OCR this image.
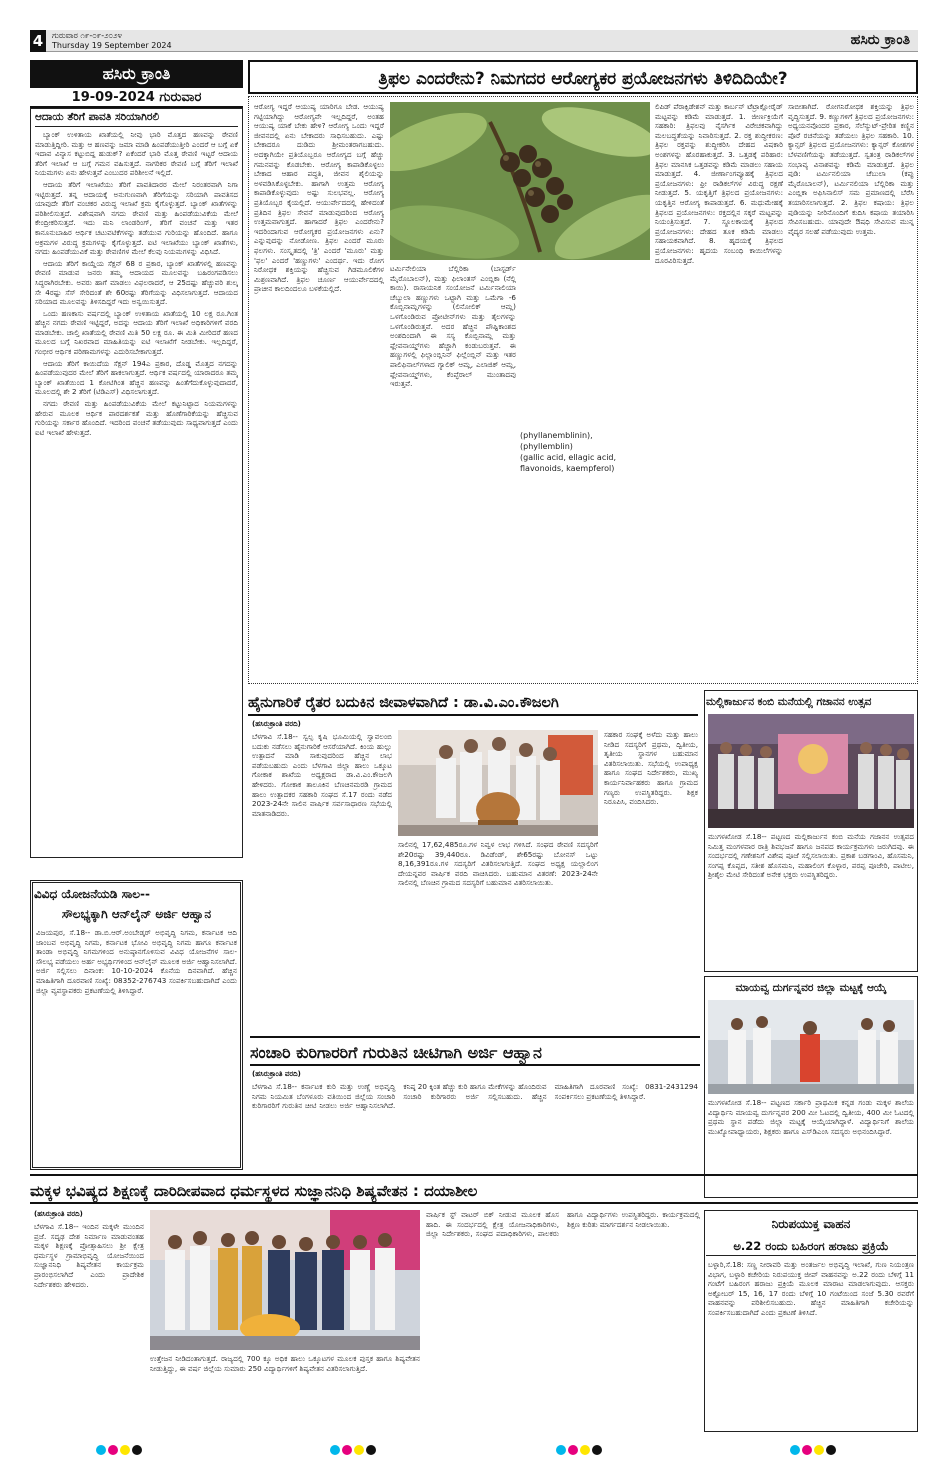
4	ಗುರುವಾರ ೧೯-೦೯-೨೦೨೪
Thursday 19 September 2024	ಹಸಿರು ಕ್ರಾಂತಿ
ಹಸಿರು ಕ್ರಾಂತಿ
19-09-2024 ಗುರುವಾರ
ಆದಾಯ ತೆರಿಗೆ ಪಾವತಿ ಸರಿಯಾಗಿರಲಿ

ಬ್ಯಾಂಕ್ ಉಳಿತಾಯ ಖಾತೆಯಲ್ಲಿ ನೀವು ಭಾರಿ ಮೊತ್ತದ ಹಣವನ್ನು ಠೇವಣಿ ಮಾಡುತ್ತಿದ್ದೀರಿ. ಮತ್ತು ಆ ಹಣವನ್ನು ಜಮಾ ಮಾಡಿ ಹಿಂಪಡೆಯುತ್ತೀರಿ ಎಂದರೆ ಆ ಬಗ್ಗೆ ಏಕೆ ಇದಾವ ವಿನ್ಯಾಸ ಕಟ್ಟುಬಿದ್ದ ಹುಡುಕ್? ಏಕೆಂದರೆ ಭಾರಿ ಮೊತ್ತ ಠೇವಣಿ ಇಟ್ಟರೆ ಆದಾಯ ತೆರಿಗೆ ಇಲಾಖೆ ಆ ಬಗ್ಗೆ ಗಮನ ವಹಿಸುತ್ತದೆ. ನಾಗರಿಕರ ಠೇವಣಿ ಬಗ್ಗೆ ತೆರಿಗೆ ಇಲಾಖೆ ನಿಯಮಗಳು ಏನು ಹೇಳುತ್ತವೆ ಎಂಬುದರ ಪರಿಶೀಲನೆ ಇಲ್ಲಿದೆ.

ಆದಾಯ ತೆರಿಗೆ ಇಲಾಖೆಯು ತೆರಿಗೆ ಪಾವತಿದಾರರ ಮೇಲೆ ನಿರಂತರವಾಗಿ ನಿಗಾ ಇಟ್ಟಿರುತ್ತದೆ. ತನ್ನ ಆದಾಯಕ್ಕೆ ಅನುಗುಣವಾಗಿ ತೆರಿಗೆಯನ್ನು ಸರಿಯಾಗಿ ಪಾವತಿಸದ ಯಾವುದೇ ತೆರಿಗೆ ವಂಚಕರ ವಿರುದ್ಧ ಇಲಾಖೆ ಕ್ರಮ ಕೈಗೊಳ್ಳುತ್ತದೆ. ಬ್ಯಾಂಕ್ ಖಾತೆಗಳನ್ನು ಪರಿಶೀಲಿಸುತ್ತದೆ. ವಿಶೇಷವಾಗಿ ನಗದು ಠೇವಣಿ ಮತ್ತು ಹಿಂಪಡೆಯುವಿಕೆಯ ಮೇಲೆ ಕೇಂದ್ರೀಕರಿಸುತ್ತದೆ. ಇದು ಮನಿ ಲಾಂಡರಿಂಗ್, ತೆರಿಗೆ ವಂಚನೆ ಮತ್ತು ಇತರ ಕಾನೂನುಬಾಹಿರ ಆರ್ಥಿಕ ಚಟುವಟಿಕೆಗಳನ್ನು ತಡೆಯುವ ಗುರಿಯನ್ನು ಹೊಂದಿದೆ. ಹಾಗೂ ಅಕ್ರಮಗಳ ವಿರುದ್ಧ ಕ್ರಮಗಳನ್ನು ಕೈಗೊಳ್ಳುತ್ತದೆ. ಐಟಿ ಇಲಾಖೆಯು ಬ್ಯಾಂಕ್ ಖಾತೆಗಳು, ನಗದು ಹಿಂಪಡೆಯುವಿಕೆ ಮತ್ತು ಠೇವಣಿಗಳ ಮೇಲೆ ಕೆಲವು ನಿಯಮಗಳನ್ನು ವಿಧಿಸಿದೆ.

ಆದಾಯ ತೆರಿಗೆ ಕಾಯ್ದೆಯ ಸೆಕ್ಷನ್ 68 ರ ಪ್ರಕಾರ, ಬ್ಯಾಂಕ್ ಖಾತೆಗಳಲ್ಲಿ ಹಣವನ್ನು ಠೇವಣಿ ಮಾಡುವ ಜನರು ತಮ್ಮ ಆದಾಯದ ಮೂಲವನ್ನು ಬಹಿರಂಗಪಡಿಸಲು ಸಿದ್ಧರಾಗಿರಬೇಕು. ಅವರು ಹಾಗೆ ಮಾಡಲು ವಿಫಲರಾದರೆ, ಆ 25ದಷ್ಟು ಹೆಚ್ಚುವರಿ ಶುಲ್ಕ ಸೇ 4ರಷ್ಟು ಸೆಸ್ ಸೇರಿದಂತೆ ಶೇ 60ರಷ್ಟು ತೆರಿಗೆಯನ್ನು ವಿಧಿಸಲಾಗುತ್ತದೆ. ಆದಾಯದ ಸರಿಯಾದ ಮೂಲವನ್ನು ತಿಳಿಸದಿದ್ದರೆ ಇದು ಅನ್ವಯಿಸುತ್ತದೆ.

ಒಂದು ಹಣಕಾಸು ವರ್ಷದಲ್ಲಿ ಬ್ಯಾಂಕ್ ಉಳಿತಾಯ ಖಾತೆಯಲ್ಲಿ 10 ಲಕ್ಷ ರೂ.ಗಿಂತ ಹೆಚ್ಚಿನ ನಗದು ಠೇವಣಿ ಇಟ್ಟಿದ್ದರೆ, ಅದನ್ನು ಆದಾಯ ತೆರಿಗೆ ಇಲಾಖೆ ಅಧಿಕಾರಿಗಳಿಗೆ ವರದಿ ಮಾಡಬೇಕು. ಚಾಲ್ತಿ ಖಾತೆಯಲ್ಲಿ ಠೇವಣಿ ಮಿತಿ 50 ಲಕ್ಷ ರೂ. ಈ ಮಿತಿ ಮೀರಿದರೆ ಹಣದ ಮೂಲದ ಬಗ್ಗೆ ನಿಖರವಾದ ಮಾಹಿತಿಯನ್ನು ಐಟಿ ಇಲಾಖೆಗೆ ನೀಡಬೇಕು. ಇಲ್ಲದಿದ್ದರೆ, ಗಂಭೀರ ಆರ್ಥಿಕ ಪರಿಣಾಮಗಳನ್ನು ಎದುರಿಸಬೇಕಾಗುತ್ತದೆ.

ಆದಾಯ ತೆರಿಗೆ ಕಾಯಿದೆಯ ಸೆಕ್ಷನ್ 194ಎ ಪ್ರಕಾರ, ದೊಡ್ಡ ಮೊತ್ತದ ನಗದನ್ನು ಹಿಂಪಡೆಯುವುದರ ಮೇಲೆ ತೆರಿಗೆ ಹಾಕಲಾಗುತ್ತದೆ. ಆರ್ಥಿಕ ವರ್ಷದಲ್ಲಿ ಯಾರಾದರೂ ತಮ್ಮ ಬ್ಯಾಂಕ್ ಖಾತೆಯಿಂದ 1 ಕೋಟಿಗಿಂತ ಹೆಚ್ಚಿನ ಹಣವನ್ನು ಹಿಂತೆಗೆದುಕೊಳ್ಳುವುದಾದರೆ, ಮೂಲದಲ್ಲಿ ಶೇ 2 ತೆರಿಗೆ (ಟಿಡಿಎಸ್) ವಿಧಿಸಲಾಗುತ್ತದೆ.

ನಗದು ಠೇವಣಿ ಮತ್ತು ಹಿಂಪಡೆಯುವಿಕೆಯ ಮೇಲೆ ಕಟ್ಟುನಿಟ್ಟಾದ ನಿಯಮಗಳನ್ನು ಹೇರುವ ಮೂಲಕ ಆರ್ಥಿಕ ಪಾರದರ್ಶಕತೆ ಮತ್ತು ಹೊಣೆಗಾರಿಕೆಯನ್ನು ಹೆಚ್ಚಿಸುವ ಗುರಿಯನ್ನು ಸರ್ಕಾರ ಹೊಂದಿದೆ. ಇದರಿಂದ ವಂಚನೆ ತಡೆಯುವುದು ಸಾಧ್ಯವಾಗುತ್ತದೆ ಎಂದು ಐಟಿ ಇಲಾಖೆ ಹೇಳುತ್ತದೆ.

ತ್ರಿಫಲ ಎಂದರೇನು? ನಿಮಗದರ ಆರೋಗ್ಯಕರ ಪ್ರಯೋಜನಗಳು ತಿಳಿದಿದಿಯೇ?
ಆರೋಗ್ಯ ಇದ್ದರೆ ಆಯುಷ್ಯ ಯಾರಿಗೂ ಬೇಡ. ಆಯುಷ್ಯ ಗಟ್ಟಿಯಾಗಿದ್ದು ಆರೋಗ್ಯವೇ ಇಲ್ಲದಿದ್ದರೆ, ಅಂತಹ ಆಯುಷ್ಯ ಯಾಕೆ ಬೇಕು ಹೇಳಿ? ಆರೋಗ್ಯ ಒಂದು ಇದ್ದರೆ ಜೀವನದಲ್ಲಿ ಏನು ಬೇಕಾದರು ಸಾಧಿಸಬಹುದು. ಎಷ್ಟು ಬೇಕಾದರೂ ದುಡಿದು ಶ್ರೀಮಂತರಾಗಬಹುದು. ಅದಕ್ಕಾಗಿಯೇ ಪ್ರತಿಯೊಬ್ಬರೂ ಆರೋಗ್ಯದ ಬಗ್ಗೆ ಹೆಚ್ಚು ಗಮನವನ್ನು ಕೊಡಬೇಕು. ಆರೋಗ್ಯ ಕಾಪಾಡಿಕೊಳ್ಳಲು ಬೇಕಾದ ಆಹಾರ ಪದ್ಧತಿ, ಜೀವನ ಶೈಲಿಯನ್ನು ಅಳವಡಿಸಿಕೊಳ್ಳಬೇಕು. ಹಾಗಾಗಿ ಉತ್ತಮ ಆರೋಗ್ಯ ಕಾಪಾಡಿಕೊಳ್ಳುವುದು ಅಷ್ಟು ಸುಲಭವಲ್ಲ. ಆರೋಗ್ಯ ಪ್ರತಿಯೊಬ್ಬರ ಕೈಯಲ್ಲಿದೆ. ಆಯುರ್ವೇದದಲ್ಲಿ ಹೇಳಿದಂತೆ ಪ್ರತಿದಿನ ತ್ರಿಫಲ ಸೇವನೆ ಮಾಡುವುದರಿಂದ ಆರೋಗ್ಯ ಉತ್ತಮವಾಗುತ್ತದೆ. ಹಾಗಾದರೆ ತ್ರಿಫಲ ಎಂದರೇನು? ಇದರಿಂದಾಗುವ ಆರೋಗ್ಯಕರ ಪ್ರಯೋಜನಗಳು ಏನು? ಎನ್ನುವುದನ್ನು ನೋಡೋಣ. ತ್ರಿಫಲ ಎಂದರೆ ಮೂರು ಫಲಗಳು. ಸಂಸ್ಕೃತದಲ್ಲಿ 'ತ್ರಿ' ಎಂದರೆ 'ಮೂರು' ಮತ್ತು 'ಫಲ' ಎಂದರೆ 'ಹಣ್ಣುಗಳು' ಎಂದರ್ಥ. ಇದು ರೋಗ ನಿರೋಧಕ ಶಕ್ತಿಯನ್ನು ಹೆಚ್ಚಿಸುವ ಗಿಡಮೂಲಿಕೆಗಳ ಮಿಶ್ರಣವಾಗಿದೆ. ತ್ರಿಫಲ ಚೂರ್ಣ ಆಯುರ್ವೇದದಲ್ಲಿ ಪ್ರಾಚೀನ ಕಾಲದಿಂದಲೂ ಬಳಕೆಯಲ್ಲಿದೆ.
ಟರ್ಮಿನೇಲಿಯಾ ಬೆಲ್ಲಿರಿಕಾ (ಬಾಸ್ಟರ್ಡ್ ಮೈರೊಬಾಲನ್), ಮತ್ತು ಫಿಲಾಂತಸ್ ಎಂಬ್ಲಿಕಾ (ನೆಲ್ಲಿ ಕಾಯಿ). ರಾಸಾಯನಿಕ ಸಂಯೋಜನೆ ಟರ್ಮಿನಾಲಿಯಾ ಚೆಬ್ಯುಲಾ ಹಣ್ಣುಗಳು ಒಟ್ಟಾಗಿ ಮತ್ತು ಒಮೆಗಾ -6 ಕೊಬ್ಬಿನಾಮ್ಲಗಳನ್ನು (ಲಿನೋಲಿಕ್ ಆಮ್ಲ) ಒಳಗೊಂಡಿರುವ ಪ್ರೋಟೀನ್‌ಗಳು ಮತ್ತು ತೈಲಗಳನ್ನು ಒಳಗೊಂಡಿರುತ್ತವೆ. ಅದರ ಹೆಚ್ಚಿನ ಪೌಷ್ಟಿಕಾಂಶದ ಅಂಶದಿಂದಾಗಿ ಈ ಸಸ್ಯ ಕೊಬ್ಬಿನಾಮ್ಲ ಮತ್ತು ಫ್ಲೇವನಾಯ್ಡ್‌ಗಳು ಹೆಚ್ಚಾಗಿ ಕಂಡುಬರುತ್ತವೆ. ಈ ಹಣ್ಣುಗಳಲ್ಲಿ ಫಿಲ್ಲಾಂಬ್ಲಿನಿನ್ ಫಿಲ್ಲೆಂಬ್ಲಿನ್ ಮತ್ತು ಇತರ ಪಾಲಿಫಿನಾಲ್‌ಗಳಾದ ಗ್ಯಾಲಿಕ್ ಆಮ್ಲ, ಎಲಾಜಿಕ್ ಆಮ್ಲ, ಫ್ಲೇವನಾಯ್ಡ್‌ಗಳು, ಕೆಂಪ್ಫೆರಾಲ್ ಮುಂತಾದವು ಇರುತ್ತವೆ.
(phyllanemblinin),
(phyllemblin)
(gallic acid, ellagic acid,
flavonoids, kaempferol)
ಲಿಪಿಡ್ ಪೆರಾಕ್ಸಿಡೇಶನ್ ಮತ್ತು ಕಾರ್ಬನ್ ಟೆಟ್ರಾಕ್ಲೋರೈಡ್ ಮಟ್ಟವನ್ನು ಕಡಿಮೆ ಮಾಡುತ್ತದೆ. 1. ಜೀರ್ಣಕ್ರಿಯೆಗೆ ಸಹಕಾರಿ: ತ್ರಿಫಲವು ನೈಸರ್ಗಿಕ ವಿರೇಚಕವಾಗಿದ್ದು ಮಲಬದ್ಧತೆಯನ್ನು ನಿವಾರಿಸುತ್ತದೆ. 2. ರಕ್ತ ಶುದ್ಧೀಕರಣ: ತ್ರಿಫಲ ರಕ್ತವನ್ನು ಶುದ್ಧೀಕರಿಸಿ ದೇಹದ ವಿಷಕಾರಿ ಅಂಶಗಳನ್ನು ಹೊರಹಾಕುತ್ತದೆ. 3. ಒತ್ತಡಕ್ಕೆ ಪರಿಹಾರ: ತ್ರಿಫಲ ಮಾನಸಿಕ ಒತ್ತಡವನ್ನು ಕಡಿಮೆ ಮಾಡಲು ಸಹಾಯ ಮಾಡುತ್ತದೆ. 4. ಜೀರ್ಣಾಂಗವ್ಯೂಹಕ್ಕೆ ತ್ರಿಫಲದ ಪ್ರಯೋಜನಗಳು: ಫ್ರೀ ರಾಡಿಕಲ್‌ಗಳ ವಿರುದ್ಧ ರಕ್ಷಣೆ ನೀಡುತ್ತದೆ. 5. ಯಕೃತ್ತಿಗೆ ತ್ರಿಫಲದ ಪ್ರಯೋಜನಗಳು: ಯಕೃತ್ತಿನ ಆರೋಗ್ಯ ಕಾಪಾಡುತ್ತದೆ. 6. ಮಧುಮೇಹಕ್ಕೆ ತ್ರಿಫಲದ ಪ್ರಯೋಜನಗಳು: ರಕ್ತದಲ್ಲಿನ ಸಕ್ಕರೆ ಮಟ್ಟವನ್ನು ನಿಯಂತ್ರಿಸುತ್ತದೆ. 7. ಸ್ಥೂಲಕಾಯಕ್ಕೆ ತ್ರಿಫಲದ ಪ್ರಯೋಜನಗಳು: ದೇಹದ ತೂಕ ಕಡಿಮೆ ಮಾಡಲು ಸಹಾಯಕವಾಗಿದೆ. 8. ಹೃದಯಕ್ಕೆ ತ್ರಿಫಲದ ಪ್ರಯೋಜನಗಳು: ಹೃದಯ ಸಂಬಂಧಿ ಕಾಯಿಲೆಗಳನ್ನು ದೂರವಿರಿಸುತ್ತದೆ.
ಸಾಬೀತಾಗಿದೆ. ರೋಗನಿರೋಧಕ ಶಕ್ತಿಯನ್ನು ತ್ರಿಫಲ ವೃದ್ಧಿಸುತ್ತದೆ. 9. ಕಣ್ಣುಗಳಿಗೆ ತ್ರಿಫಲದ ಪ್ರಯೋಜನಗಳು: ಅಧ್ಯಯನವೊಂದರ ಪ್ರಕಾರ, ಸೆಲೆನ್ಯುಟ್-ಪ್ರೇರಿತ ಕಣ್ಣಿನ ಪೊರೆ ರಚನೆಯನ್ನು ತಡೆಯಲು ತ್ರಿಫಲ ಸಹಕಾರಿ. 10. ಕ್ಯಾನ್ಸರ್ ತ್ರಿಫಲದ ಪ್ರಯೋಜನಗಳು: ಕ್ಯಾನ್ಸರ್ ಕೋಶಗಳ ಬೆಳವಣಿಗೆಯನ್ನು ತಡೆಯುತ್ತದೆ. ಸ್ವತಂತ್ರ ರಾಡಿಕಲ್‌ಗಳ ಸಂಭಾವ್ಯ ವಿನಾಶವನ್ನು ಕಡಿಮೆ ಮಾಡುತ್ತದೆ. ತ್ರಿಫಲ ಪುಡಿ: ಟರ್ಮಿನಲಿಯಾ ಚೆಬುಲಾ (ಕಪ್ಪು ಮೈರೊಬಾಲನ್), ಟರ್ಮಿನಲಿಯಾ ಬೆಲ್ಲಿರಿಕಾ ಮತ್ತು ಎಂಬ್ಲಿಕಾ ಅಫಿಸಿನಾಲಿಸ್ ಸಮ ಪ್ರಮಾಣದಲ್ಲಿ ಬೆರೆಸಿ ತಯಾರಿಸಲಾಗುತ್ತದೆ. 2. ತ್ರಿಫಲ ಕಷಾಯ: ತ್ರಿಫಲ ಪುಡಿಯನ್ನು ನೀರಿನೊಂದಿಗೆ ಕುದಿಸಿ ಕಷಾಯ ತಯಾರಿಸಿ ಸೇವಿಸಬಹುದು. ಯಾವುದೇ ಔಷಧಿ ಸೇವಿಸುವ ಮುನ್ನ ವೈದ್ಯರ ಸಲಹೆ ಪಡೆಯುವುದು ಉತ್ತಮ.
ಹೈನುಗಾರಿಕೆ ರೈತರ ಬದುಕಿನ ಜೀವಾಳವಾಗಿದೆ : ಡಾ.ವಿ.ಎಂ.ಕೌಜಲಗಿ
(ಹಸಿರುಕ್ರಾಂತಿ ವರದಿ)
ಬೆಳಗಾವಿ ಸೆ.18-- ಸ್ವಲ್ಪ ಕೃಷಿ ಭೂಮಿಯಲ್ಲಿ ಸ್ವಾವಲಂಬಿ ಬದುಕು ನಡೆಸಲು ಹೈನುಗಾರಿಕೆ ಆಸರೆಯಾಗಿದೆ. ಕಿಂಯ ಹುಲ್ಲು ಉತ್ಪಾದನೆ ಮಾಡಿ ಸಾಕುವುದರಿಂದ ಹೆಚ್ಚಿನ ಲಾಭ ಪಡೆಯಬಹುದು ಎಂದು ಬೆಳಗಾವಿ ಜಿಲ್ಲಾ ಹಾಲು ಒಕ್ಕೂಟ ಗೋಕಾಕ ಶಾಖೆಯ ಅಧ್ಯಕ್ಷರಾದ ಡಾ.ವಿ.ಎಂ.ಕೌಜಲಗಿ ಹೇಳಿದರು. ಗೋಕಾಕ ತಾಲೂಕಿನ ಬೆಣಚಿನಮರಡಿ ಗ್ರಾಮದ ಹಾಲು ಉತ್ಪಾದಕರ ಸಹಕಾರಿ ಸಂಘದ ಸೆ.17 ರಂದು ನಡೆದ 2023-24ನೇ ಸಾಲಿನ ವಾರ್ಷಿಕ ಸರ್ವಸಾಧಾರಣ ಸಭೆಯಲ್ಲಿ ಮಾತನಾಡಿದರು.
ಸಾಲಿನಲ್ಲಿ 17,62,485ರೂ.ಗಳ ನಿವ್ವಳ ಲಾಭ ಗಳಿಸಿದೆ. ಸಂಘದ ಠೇವಣಿ ಸದಸ್ಯರಿಗೆ ಶೇ20ರಷ್ಟು 39,440ರೂ. ಡಿವಿಡೆಂಡ್, ಶೇ65ರಷ್ಟು ಬೋನಸ್ ಒಟ್ಟು 8,16,391ರೂ.ಗಳ ಸದಸ್ಯರಿಗೆ ವಿತರಿಸಲಾಗುತ್ತಿದೆ. ಸಂಘದ ಅಧ್ಯಕ್ಷ ಯಲ್ಲಾಲಿಂಗ ದೇಯನ್ನವರ ವಾರ್ಷಿಕ ವರದಿ ವಾಚಿಸಿದರು. ಬಹುಮಾನ ವಿತರಣೆ: 2023-24ನೇ ಸಾಲಿನಲ್ಲಿ ಬೆಣಚಿನ ಗ್ರಾಮದ ಸದಸ್ಯರಿಗೆ ಬಹುಮಾನ ವಿತರಿಸಲಾಯಿತು.
ಸಹಕಾರ ಸಂಘಕ್ಕೆ ಅಳೆದು ಮತ್ತು ಹಾಲು ನೀಡಿದ ಸದಸ್ಯರಿಗೆ ಪ್ರಥಮ, ದ್ವಿತೀಯ, ತೃತೀಯ ಸ್ಥಾನಗಳ ಬಹುಮಾನ ವಿತರಿಸಲಾಯಿತು. ಸಭೆಯಲ್ಲಿ ಉಪಾಧ್ಯಕ್ಷ ಹಾಗೂ ಸಂಘದ ನಿರ್ದೇಶಕರು, ಮುಖ್ಯ ಕಾರ್ಯನಿರ್ವಾಹಕರು ಹಾಗೂ ಗ್ರಾಮದ ಗಣ್ಯರು ಉಪಸ್ಥಿತರಿದ್ದರು. ಶಿಕ್ಷಕ ನಿರೂಪಿಸಿ, ವಂದಿಸಿದರು.
ಮಲ್ಲಿಕಾರ್ಜುನ ಕಂಬಿ ಮನೆಯಲ್ಲಿ ಗಜಾನನ ಉತ್ಸವ
ಮುಗಳಖೋಡ ಸೆ.18-- ಪಟ್ಟಣದ ಮಲ್ಲಿಕಾರ್ಜುನ ಕಂಬಿ ಮನೆಯ ಗಜಾನನ ಉತ್ಸವದ ನಿಮಿತ್ತ ಮಂಗಳವಾರ ರಾತ್ರಿ ಶಿವಭಜನೆ ಹಾಗೂ ಜನಪದ ಕಾರ್ಯಕ್ರಮಗಳು ಜರುಗಿದವು. ಈ ಸಂದರ್ಭದಲ್ಲಿ ಗಣೇಶನಿಗೆ ವಿಶೇಷ ಪೂಜೆ ಸಲ್ಲಿಸಲಾಯಿತು. ಪ್ರಕಾಶ ಬಡಗಾಂವಿ, ಹೊಸಮನಿ, ಸಂಗಪ್ಪ ಕೊಪ್ಪದ, ಸತೀಶ ಹೊಸಮನಿ, ಮಹಾಲಿಂಗ ಕೊಳ್ಳಾರ, ಪರಪ್ಪ ಪೂಜೇರಿ, ಪಾಟೀಲ, ಶ್ರೀಶೈಲ ಮೇಟಿ ಸೇರಿದಂತೆ ಅನೇಕ ಭಕ್ತರು ಉಪಸ್ಥಿತರಿದ್ದರು.
ಮಾಯವ್ವ ದುರ್ಗನ್ನವರ ಜಿಲ್ಲಾ ಮಟ್ಟಕ್ಕೆ ಆಯ್ಕೆ
ಮುಗಳಖೋಡ ಸೆ.18-- ಪಟ್ಟಣದ ಸರ್ಕಾರಿ ಪ್ರಾಥಮಿಕ ಕನ್ನಡ ಗಂಡು ಮಕ್ಕಳ ಶಾಲೆಯ ವಿದ್ಯಾರ್ಥಿನಿ ಮಾಯವ್ವ ದುರ್ಗನ್ನವರ 200 ಮೀ ಓಟದಲ್ಲಿ ದ್ವಿತೀಯ, 400 ಮೀ ಓಟದಲ್ಲಿ ಪ್ರಥಮ ಸ್ಥಾನ ಪಡೆದು ಜಿಲ್ಲಾ ಮಟ್ಟಕ್ಕೆ ಆಯ್ಕೆಯಾಗಿದ್ದಾಳೆ. ವಿದ್ಯಾರ್ಥಿನಿಗೆ ಶಾಲೆಯ ಮುಖ್ಯೋಪಾಧ್ಯಾಯರು, ಶಿಕ್ಷಕರು ಹಾಗೂ ಎಸ್‌ಡಿಎಂಸಿ ಸದಸ್ಯರು ಅಭಿನಂದಿಸಿದ್ದಾರೆ.
ವಿವಿಧ ಯೋಜನೆಯಡಿ ಸಾಲ--
ಸೌಲಭ್ಯಕ್ಕಾಗಿ ಆನ್‌ಲೈನ್ ಅರ್ಜಿ ಆಹ್ವಾನ
ವಿಜಯಪುರ, ಸೆ.18-- ಡಾ.ಬಿ.ಆರ್.ಅಂಬೇಡ್ಕರ್ ಅಭಿವೃದ್ಧಿ ನಿಗಮ, ಕರ್ನಾಟಕ ಆದಿ ಜಾಂಬವ ಅಭಿವೃದ್ಧಿ ನಿಗಮ, ಕರ್ನಾಟಕ ಭೋವಿ ಅಭಿವೃದ್ಧಿ ನಿಗಮ ಹಾಗೂ ಕರ್ನಾಟಕ ತಾಂಡಾ ಅಭಿವೃದ್ಧಿ ನಿಗಮಗಳಿಂದ ಅನುಷ್ಠಾನಗೊಳಿಸುವ ವಿವಿಧ ಯೋಜನೆಗಳ ಸಾಲ-ಸೌಲಭ್ಯ ಪಡೆಯಲು ಅರ್ಹ ಅಭ್ಯರ್ಥಿಗಳಿಂದ ಆನ್‌ಲೈನ್ ಮೂಲಕ ಅರ್ಜಿ ಆಹ್ವಾನಿಸಲಾಗಿದೆ. ಅರ್ಜಿ ಸಲ್ಲಿಸಲು ದಿನಾಂಕ: 10-10-2024 ಕೊನೆಯ ದಿನವಾಗಿದೆ. ಹೆಚ್ಚಿನ ಮಾಹಿತಿಗಾಗಿ ದೂರವಾಣಿ ಸಂಖ್ಯೆ: 08352-276743 ಸಂಪರ್ಕಿಸಬಹುದಾಗಿದೆ ಎಂದು ಜಿಲ್ಲಾ ವ್ಯವಸ್ಥಾಪಕರು ಪ್ರಕಟಣೆಯಲ್ಲಿ ತಿಳಿಸಿದ್ದಾರೆ.
ಸಂಚಾರಿ ಕುರಿಗಾರರಿಗೆ ಗುರುತಿನ ಚೀಟಿಗಾಗಿ ಅರ್ಜಿ ಆಹ್ವಾನ
(ಹಸಿರುಕ್ರಾಂತಿ ವರದಿ)
ಬೆಳಗಾವಿ ಸೆ.18-- ಕರ್ನಾಟಕ ಕುರಿ ಮತ್ತು ಉಣ್ಣೆ ಅಭಿವೃದ್ಧಿ ನಿಗಮ ನಿಯಮಿತ ಬೆಂಗಳೂರು ವತಿಯಿಂದ ಜಿಲ್ಲೆಯ ಸಂಚಾರಿ ಕುರಿಗಾರರಿಗೆ ಗುರುತಿನ ಚೀಟಿ ನೀಡಲು ಅರ್ಜಿ ಆಹ್ವಾನಿಸಲಾಗಿದೆ. ಕನಿಷ್ಠ 20 ಕ್ಕಿಂತ ಹೆಚ್ಚು ಕುರಿ ಹಾಗೂ ಮೇಕೆಗಳನ್ನು ಹೊಂದಿರುವ ಸಂಚಾರಿ ಕುರಿಗಾರರು ಅರ್ಜಿ ಸಲ್ಲಿಸಬಹುದು. ಹೆಚ್ಚಿನ ಮಾಹಿತಿಗಾಗಿ ದೂರವಾಣಿ ಸಂಖ್ಯೆ: 0831-2431294 ಸಂಪರ್ಕಿಸಲು ಪ್ರಕಟಣೆಯಲ್ಲಿ ತಿಳಿಸಿದ್ದಾರೆ.
ಮಕ್ಕಳ ಭವಿಷ್ಯದ ಶಿಕ್ಷಣಕ್ಕೆ ದಾರಿದೀಪವಾದ ಧರ್ಮಸ್ಥಳದ ಸುಜ್ಞಾನನಿಧಿ ಶಿಷ್ಯವೇತನ : ದಯಾಶೀಲ
(ಹಸಿರುಕ್ರಾಂತಿ ವರದಿ)
ಬೆಳಗಾವಿ ಸೆ.18-- ಇಂದಿನ ಮಕ್ಕಳೇ ಮುಂದಿನ ಪ್ರಜೆ. ಸದೃಢ ದೇಶ ನಿರ್ಮಾಣ ಮಾಡುವಂತಹ ಮಕ್ಕಳ ಶಿಕ್ಷಣಕ್ಕೆ ಪ್ರೋತ್ಸಾಹಿಸಲು ಶ್ರೀ ಕ್ಷೇತ್ರ ಧರ್ಮಸ್ಥಳ ಗ್ರಾಮಾಭಿವೃದ್ಧಿ ಯೋಜನೆಯಿಂದ ಸುಜ್ಞಾನನಿಧಿ ಶಿಷ್ಯವೇತನ ಕಾರ್ಯಕ್ರಮ ಪ್ರಾರಂಭಿಸಲಾಗಿದೆ ಎಂದು ಪ್ರಾದೇಶಿಕ ನಿರ್ದೇಶಕರು ಹೇಳಿದರು.
ಉತ್ತೇಜನ ನೀಡಿದಂತಾಗುತ್ತದೆ. ರಾಜ್ಯದಲ್ಲಿ 700 ಕ್ಕೂ ಅಧಿಕ ಹಾಲು ಒಕ್ಕೂಟಗಳ ಮೂಲಕ ಪುಸ್ತಕ ಹಾಗೂ ಶಿಷ್ಯವೇತನ ನೀಡುತ್ತಿದ್ದು, ಈ ವರ್ಷ ಜಿಲ್ಲೆಯ ಸುಮಾರು 250 ವಿದ್ಯಾರ್ಥಿಗಳಿಗೆ ಶಿಷ್ಯವೇತನ ವಿತರಿಸಲಾಗುತ್ತಿದೆ.
ವಾರ್ಷಿಕ ಸ್ಟ್ ವಾಟರ್ ಬಿಕ್ ನೀಡುವ ಮೂಲಕ ಹೊಸ ಹಾದಿ. ಈ ಸಂದರ್ಭದಲ್ಲಿ ಕ್ಷೇತ್ರ ಯೋಜನಾಧಿಕಾರಿಗಳು, ಜಿಲ್ಲಾ ನಿರ್ದೇಶಕರು, ಸಂಘದ ಪದಾಧಿಕಾರಿಗಳು, ಪಾಲಕರು ಹಾಗೂ ವಿದ್ಯಾರ್ಥಿಗಳು ಉಪಸ್ಥಿತರಿದ್ದರು. ಕಾರ್ಯಕ್ರಮದಲ್ಲಿ ಶಿಕ್ಷಣ ಕುರಿತು ಮಾರ್ಗದರ್ಶನ ನೀಡಲಾಯಿತು.	ನಿರುಪಯುಕ್ತ ವಾಹನ
ಅ.22 ರಂದು ಬಹಿರಂಗ ಹರಾಜು ಪ್ರಕ್ರಿಯೆ
ಬಳ್ಳಾರಿ,ಸೆ.18: ಸಣ್ಣ ನೀರಾವರಿ ಮತ್ತು ಅಂತರ್ಜಲ ಅಭಿವೃದ್ಧಿ ಇಲಾಖೆ, ಗುಣ ನಿಯಂತ್ರಣ ವಿಭಾಗ, ಬಳ್ಳಾರಿ ಕಚೇರಿಯ ನಿರುಪಯುಕ್ತ ಜೀಪ್ ವಾಹನವನ್ನು ಅ.22 ರಂದು ಬೆಳಿಗ್ಗೆ 11 ಗಂಟೆಗೆ ಬಹಿರಂಗ ಹರಾಜು ಪ್ರಕ್ರಿಯೆ ಮೂಲಕ ಮಾರಾಟ ಮಾಡಲಾಗುವುದು. ಆಸಕ್ತರು ಅಕ್ಟೋಬರ್ 15, 16, 17 ರಂದು ಬೆಳಿಗ್ಗೆ 10 ಗಂಟೆಯಿಂದ ಸಂಜೆ 5.30 ರವರೆಗೆ ವಾಹನವನ್ನು ಪರಿಶೀಲಿಸಬಹುದು. ಹೆಚ್ಚಿನ ಮಾಹಿತಿಗಾಗಿ ಕಚೇರಿಯನ್ನು ಸಂಪರ್ಕಿಸಬಹುದಾಗಿದೆ ಎಂದು ಪ್ರಕಟಣೆ ತಿಳಿಸಿದೆ.
